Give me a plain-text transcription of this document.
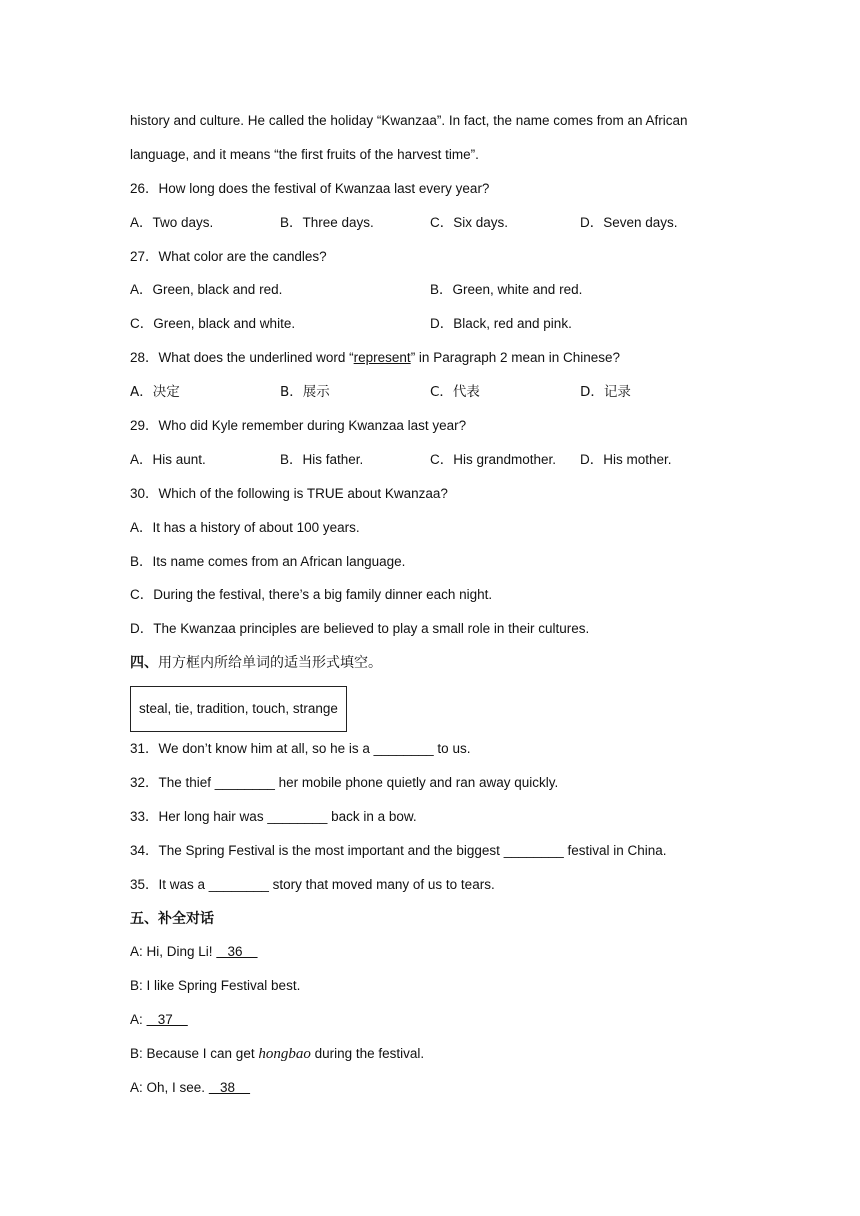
history and culture. He called the holiday “Kwanzaa”. In fact, the name comes from an African
language, and it means “the first fruits of the harvest time”.
26．How long does the festival of Kwanzaa last every year?
A．Two days.	B．Three days.	C．Six days.	D．Seven days.
27．What color are the candles?
A．Green, black and red.	B．Green, white and red.
C．Green, black and white.	D．Black, red and pink.
28．What does the underlined word “represent” in Paragraph 2 mean in Chinese?
A．决定	B．展示	C．代表	D．记录
29．Who did Kyle remember during Kwanzaa last year?
A．His aunt.	B．His father.	C．His grandmother.	D．His mother.
30．Which of the following is TRUE about Kwanzaa?
A．It has a history of about 100 years.
B．Its name comes from an African language.
C．During the festival, there’s a big family dinner each night.
D．The Kwanzaa principles are believed to play a small role in their cultures.
四、用方框内所给单词的适当形式填空。
steal, tie, tradition, touch, strange
31．We don’t know him at all, so he is a ________ to us.
32．The thief ________ her mobile phone quietly and ran away quickly.
33．Her long hair was ________ back in a bow.
34．The Spring Festival is the most important and the biggest ________ festival in China.
35．It was a ________ story that moved many of us to tears.
五、补全对话
A: Hi, Ding Li!    36
B: I like Spring Festival best.
A:    37
B: Because I can get hongbao during the festival.
A: Oh, I see.    38
